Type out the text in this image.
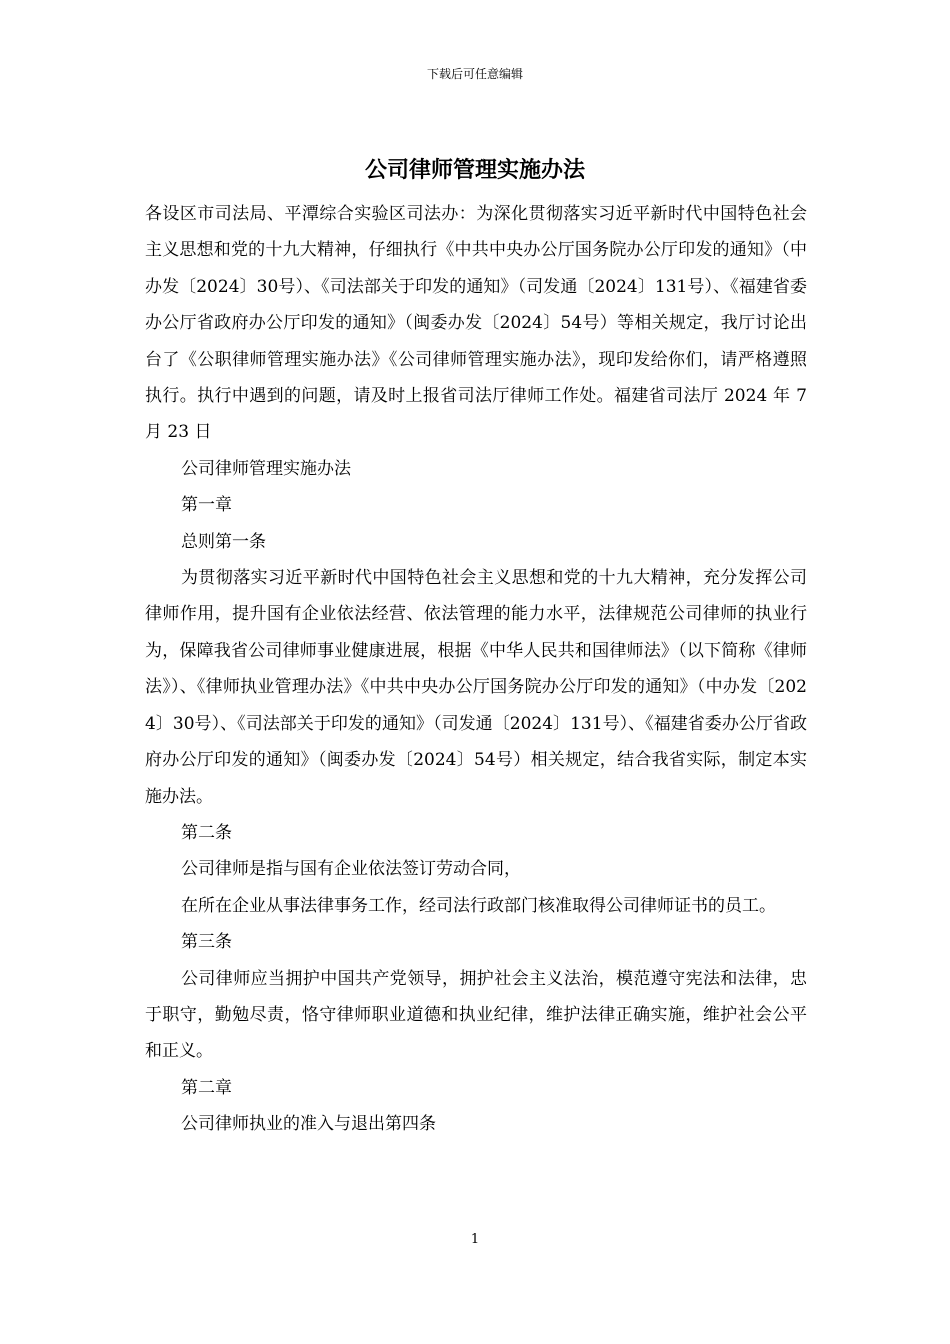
下载后可任意编辑
公司律师管理实施办法

各设区市司法局、平潭综合实验区司法办：为深化贯彻落实习近平新时代中国特色社会主义思想和党的十九大精神，仔细执行《中共中央办公厅国务院办公厅印发的通知》（中办发〔2024〕30号）、《司法部关于印发的通知》（司发通〔2024〕131号）、《福建省委办公厅省政府办公厅印发的通知》（闽委办发〔2024〕54号）等相关规定，我厅讨论出台了《公职律师管理实施办法》《公司律师管理实施办法》，现印发给你们，请严格遵照执行。执行中遇到的问题，请及时上报省司法厅律师工作处。福建省司法厅 2024 年 7 月 23 日

公司律师管理实施办法

第一章

总则第一条

为贯彻落实习近平新时代中国特色社会主义思想和党的十九大精神，充分发挥公司律师作用，提升国有企业依法经营、依法管理的能力水平，法律规范公司律师的执业行为，保障我省公司律师事业健康进展，根据《中华人民共和国律师法》（以下简称《律师法》）、《律师执业管理办法》《中共中央办公厅国务院办公厅印发的通知》（中办发〔2024〕30号）、《司法部关于印发的通知》（司发通〔2024〕131号）、《福建省委办公厅省政府办公厅印发的通知》（闽委办发〔2024〕54号）相关规定，结合我省实际，制定本实施办法。

第二条

公司律师是指与国有企业依法签订劳动合同，

在所在企业从事法律事务工作，经司法行政部门核准取得公司律师证书的员工。

第三条

公司律师应当拥护中国共产党领导，拥护社会主义法治，模范遵守宪法和法律，忠于职守，勤勉尽责，恪守律师职业道德和执业纪律，维护法律正确实施，维护社会公平和正义。

第二章

公司律师执业的准入与退出第四条

1
